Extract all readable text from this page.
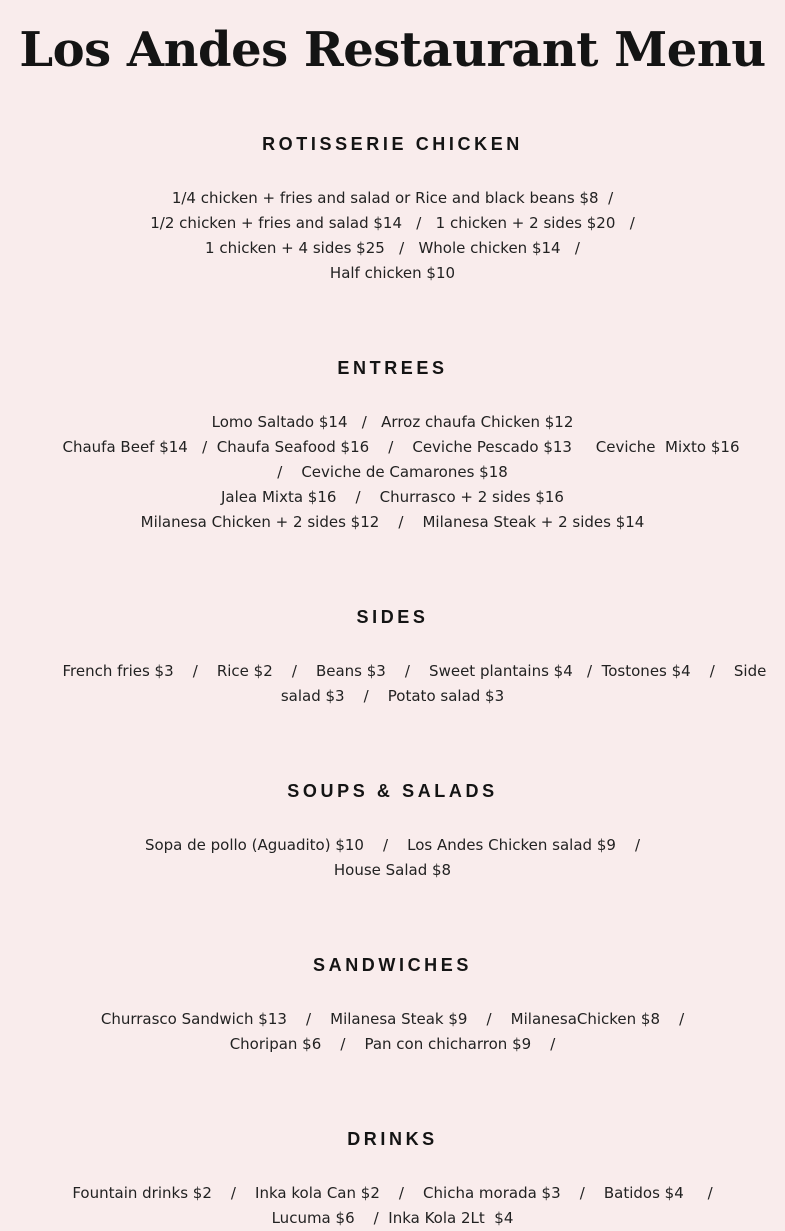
Los Andes Restaurant Menu
ROTISSERIE CHICKEN
1/4 chicken + fries and salad or Rice and black beans $8  /
1/2 chicken + fries and salad $14   /   1 chicken + 2 sides $20   /
1 chicken + 4 sides $25   /   Whole chicken $14   /
Half chicken $10
ENTREES
Lomo Saltado $14   /   Arroz chaufa Chicken $12
Chaufa Beef $14   /  Chaufa Seafood $16    /    Ceviche Pescado $13     Ceviche  Mixto $16
/    Ceviche de Camarones $18
Jalea Mixta $16    /    Churrasco + 2 sides $16
Milanesa Chicken + 2 sides $12    /    Milanesa Steak + 2 sides $14
SIDES
French fries $3    /    Rice $2    /    Beans $3    /    Sweet plantains $4   /  Tostones $4    /    Side
salad $3    /    Potato salad $3
SOUPS & SALADS
Sopa de pollo (Aguadito) $10    /    Los Andes Chicken salad $9    /
House Salad $8
SANDWICHES
Churrasco Sandwich $13    /    Milanesa Steak $9    /    MilanesaChicken $8    /
Choripan $6    /    Pan con chicharron $9    /
DRINKS
Fountain drinks $2    /    Inka kola Can $2    /    Chicha morada $3    /    Batidos $4     /
Lucuma $6    /  Inka Kola 2Lt  $4
